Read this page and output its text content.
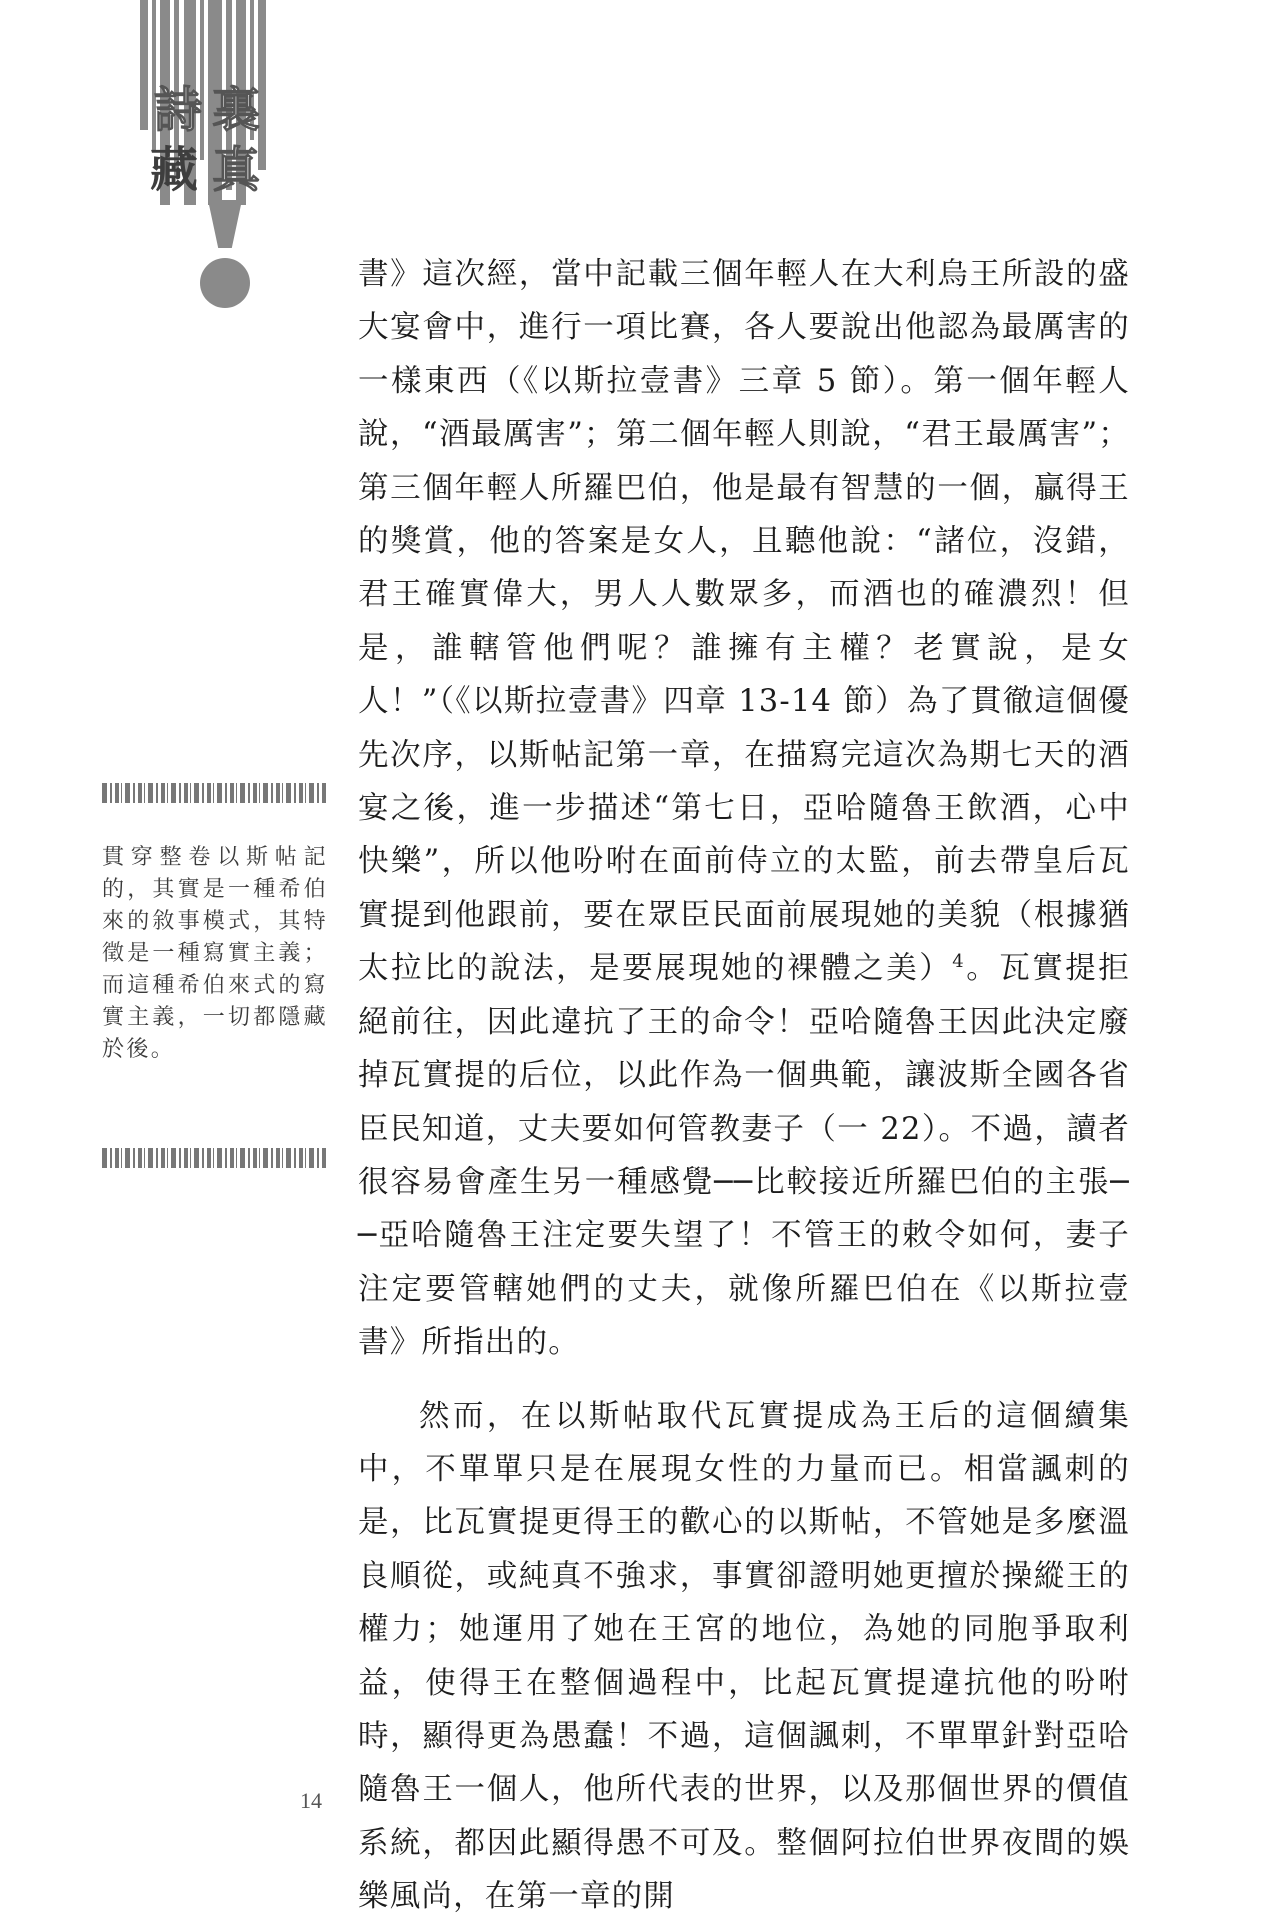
詩 裏
藏 真
貫穿整卷以斯帖記的，其實是一種希伯來的敘事模式，其特徵是一種寫實主義；而這種希伯來式的寫實主義，一切都隱藏於後。

書》這次經，當中記載三個年輕人在大利烏王所設的盛大宴會中，進行一項比賽，各人要說出他認為最厲害的一樣東西（《以斯拉壹書》三章 5 節）。第一個年輕人說，“酒最厲害”；第二個年輕人則說，“君王最厲害”；第三個年輕人所羅巴伯，他是最有智慧的一個，贏得王的獎賞，他的答案是女人，且聽他說：“諸位，沒錯，君王確實偉大，男人人數眾多，而酒也的確濃烈！但是，誰轄管他們呢？誰擁有主權？老實說，是女人！”（《以斯拉壹書》四章 13-14 節）為了貫徹這個優先次序，以斯帖記第一章，在描寫完這次為期七天的酒宴之後，進一步描述“第七日，亞哈隨魯王飲酒，心中快樂”，所以他吩咐在面前侍立的太監，前去帶皇后瓦實提到他跟前，要在眾臣民面前展現她的美貌（根據猶太拉比的說法，是要展現她的裸體之美）$^4$。瓦實提拒絕前往，因此違抗了王的命令！亞哈隨魯王因此決定廢掉瓦實提的后位，以此作為一個典範，讓波斯全國各省臣民知道，丈夫要如何管教妻子（一 22）。不過，讀者很容易會產生另一種感覺──比較接近所羅巴伯的主張──亞哈隨魯王注定要失望了！不管王的敕令如何，妻子注定要管轄她們的丈夫，就像所羅巴伯在《以斯拉壹書》所指出的。

然而，在以斯帖取代瓦實提成為王后的這個續集中，不單單只是在展現女性的力量而已。相當諷刺的是，比瓦實提更得王的歡心的以斯帖，不管她是多麼溫良順從，或純真不強求，事實卻證明她更擅於操縱王的權力；她運用了她在王宮的地位，為她的同胞爭取利益，使得王在整個過程中，比起瓦實提違抗他的吩咐時，顯得更為愚蠢！不過，這個諷刺，不單單針對亞哈隨魯王一個人，他所代表的世界，以及那個世界的價值系統，都因此顯得愚不可及。整個阿拉伯世界夜間的娛樂風尚，在第一章的開

14
